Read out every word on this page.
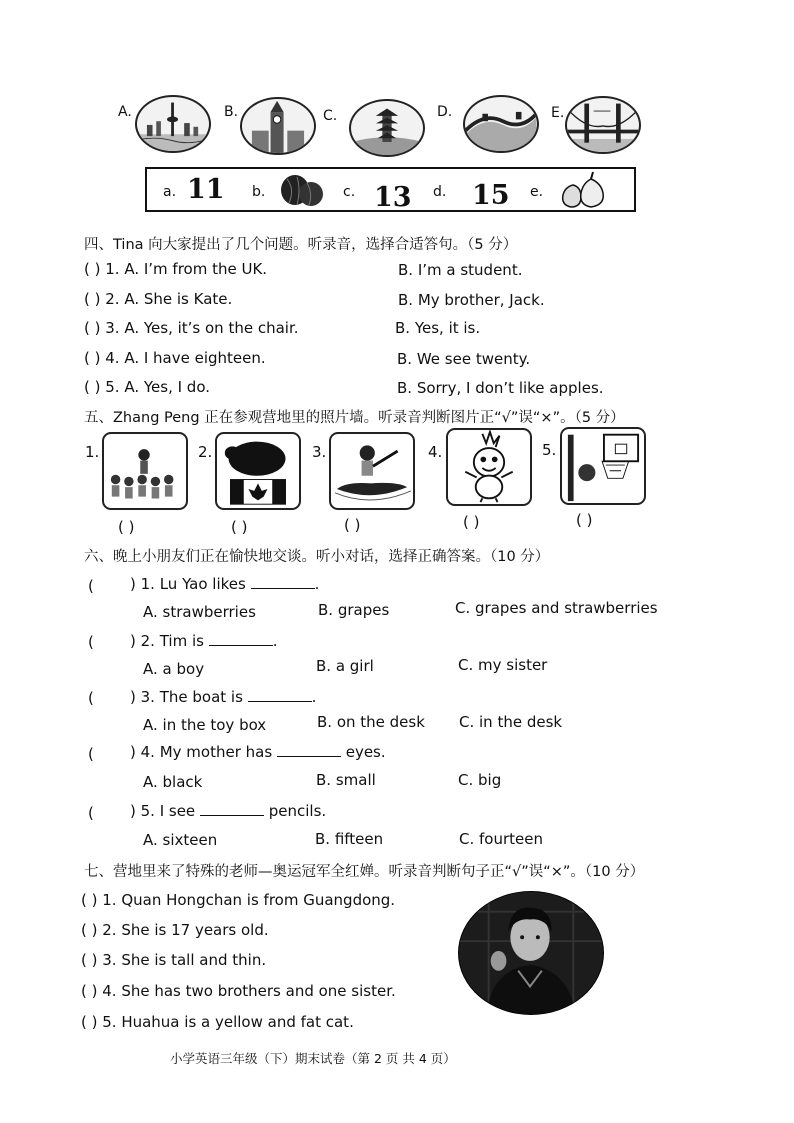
A.	B.	C.	D.	E.
a. 11 b.	c. 13 d. 15 e.
四、Tina 向大家提出了几个问题。听录音，选择合适答句。（5 分）
( ) 1. A. I’m from the UK.	B. I’m a student.
( ) 2. A. She is Kate.	B. My brother, Jack.
( ) 3. A. Yes, it’s on the chair.	B. Yes, it is.
( ) 4. A. I have eighteen.	B. We see twenty.
( ) 5. A. Yes, I do.	B. Sorry, I don’t like apples.
五、Zhang Peng 正在参观营地里的照片墙。听录音判断图片正“√”误“×”。（5 分）
1.	2.	3.	4.	5.
( )	( )	( )	( )	( )
六、晚上小朋友们正在愉快地交谈。听小对话，选择正确答案。（10 分）
( ) 1. Lu Yao likes	.
A. strawberries	B. grapes	C. grapes and strawberries
( ) 2. Tim is	.
A. a boy	B. a girl	C. my sister
( ) 3. The boat is	.
A. in the toy box	B. on the desk C. in the desk
( ) 4. My mother has	eyes.
A. black	B. small	C. big
( ) 5. I see	pencils.
A. sixteen	B. fifteen	C. fourteen
七、营地里来了特殊的老师—奥运冠军全红婵。听录音判断句子正“√”误“×”。（10 分）
( ) 1. Quan Hongchan is from Guangdong.
( ) 2. She is 17 years old.
( ) 3. She is tall and thin.
( ) 4. She has two brothers and one sister.
( ) 5. Huahua is a yellow and fat cat.
小学英语三年级（下）期末试卷（第 2 页 共 4 页）
